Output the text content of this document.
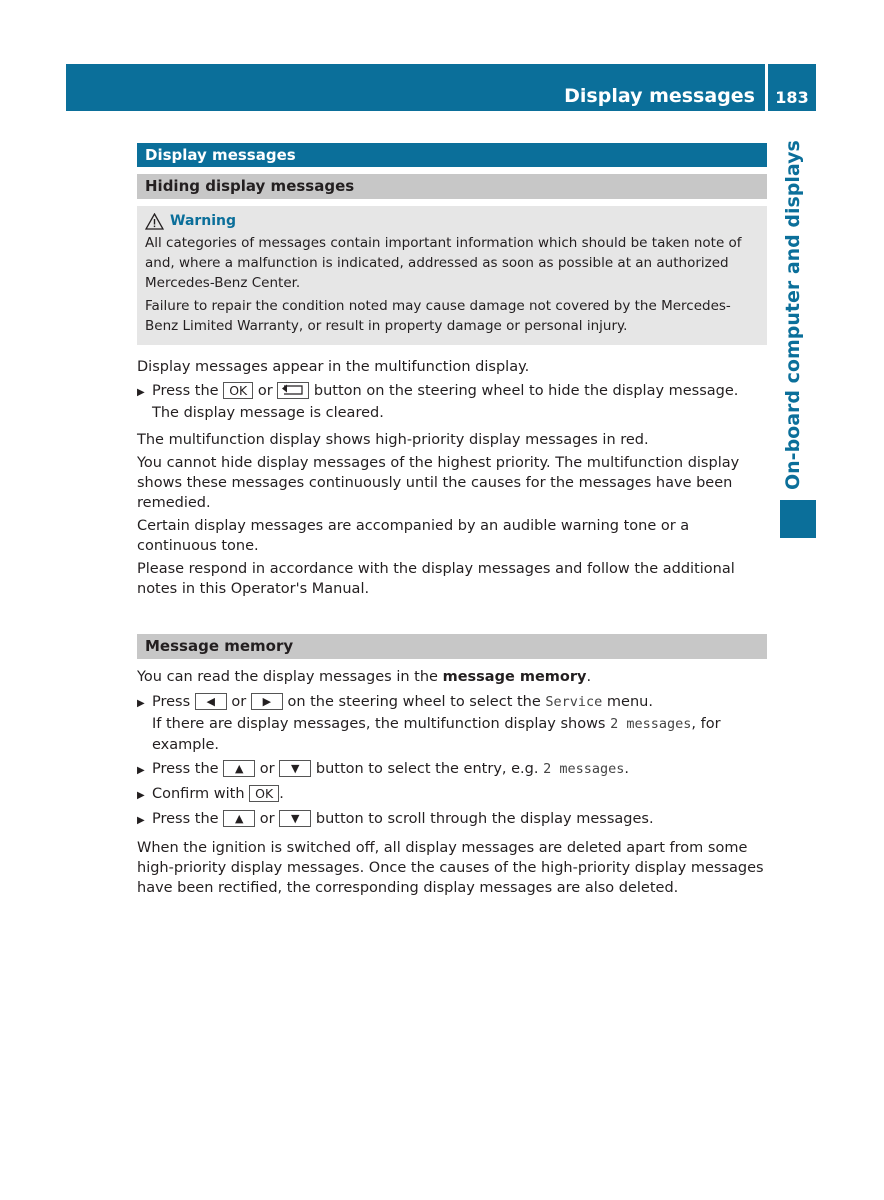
Display messages	183
On-board computer and displays
Display messages
Hiding display messages
Warning

All categories of messages contain important information which should be taken note of and, where a malfunction is indicated, addressed as soon as possible at an authorized Mercedes-Benz Center.

Failure to repair the condition noted may cause damage not covered by the Mercedes-Benz Limited Warranty, or result in property damage or personal injury.

Display messages appear in the multifunction display.

▶ Press the OK or	button on the steering wheel to hide the display message.
The display message is cleared.

The multifunction display shows high-priority display messages in red.

You cannot hide display messages of the highest priority. The multifunction display shows these messages continuously until the causes for the messages have been remedied.

Certain display messages are accompanied by an audible warning tone or a continuous tone.

Please respond in accordance with the display messages and follow the additional notes in this Operator's Manual.

Message memory

You can read the display messages in the message memory.

▶ Press ◀ or ▶ on the steering wheel to select the Service menu.
If there are display messages, the multifunction display shows 2 messages, for example.
▶ Press the ▲ or ▼ button to select the entry, e.g. 2 messages.
▶ Confirm with OK .
▶ Press the ▲ or ▼ button to scroll through the display messages.

When the ignition is switched off, all display messages are deleted apart from some high-priority display messages. Once the causes of the high-priority display messages have been rectified, the corresponding display messages are also deleted.
